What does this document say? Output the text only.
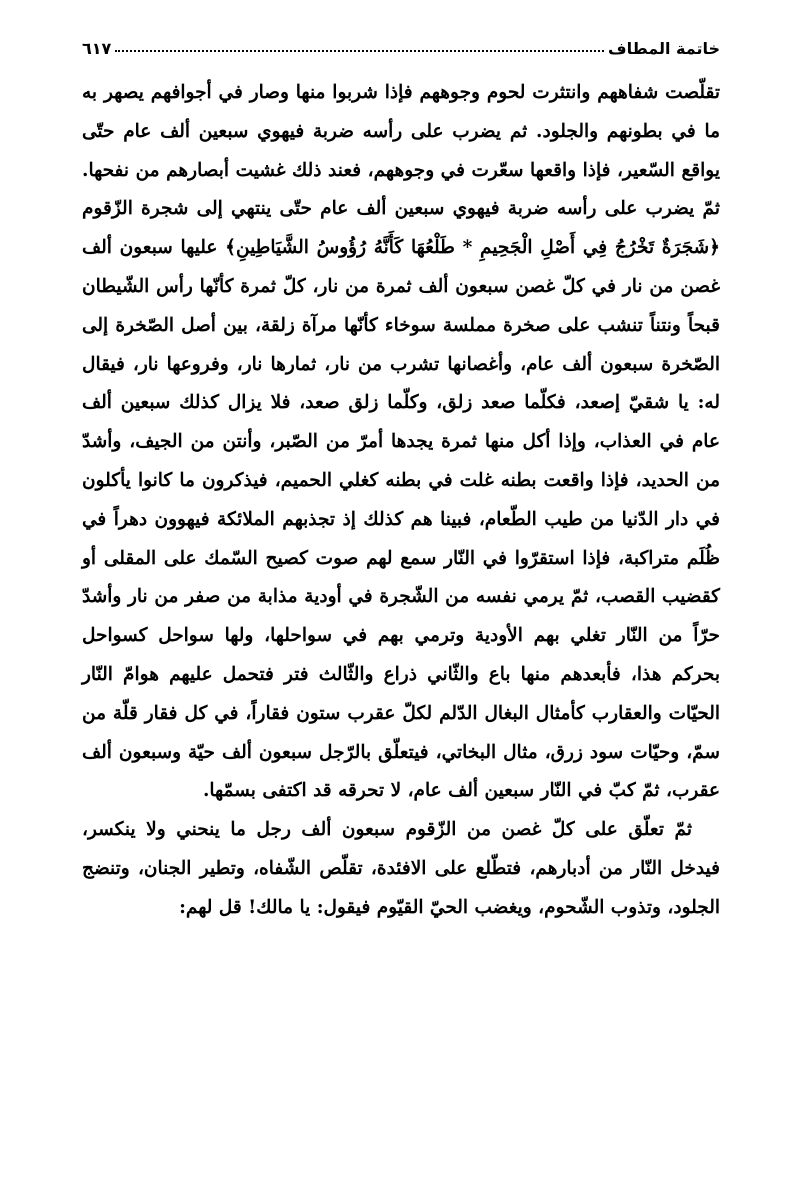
خاتمة المطاف
٦١٧

تقلّصت شفاههم وانتثرت لحوم وجوههم فإذا شربوا منها وصار في أجوافهم يصهر به ما في بطونهم والجلود. ثم يضرب على رأسه ضربة فيهوي سبعين ألف عام حتّى يواقع السّعير، فإذا واقعها سعّرت في وجوههم، فعند ذلك غشيت أبصارهم من نفحها. ثمّ يضرب على رأسه ضربة فيهوي سبعين ألف عام حتّى ينتهي إلى شجرة الزّقوم ﴿شَجَرَةٌ تَخْرُجُ فِي أَصْلِ الْجَحِيمِ * طَلْعُهَا كَأَنَّهُ رُؤُوسُ الشَّيَاطِينِ﴾ عليها سبعون ألف غصن من نار في كلّ غصن سبعون ألف ثمرة من نار، كلّ ثمرة كأنّها رأس الشّيطان قبحاً ونتناً تنشب على صخرة مملسة سوخاء كأنّها مرآة زلقة، بين أصل الصّخرة إلى الصّخرة سبعون ألف عام، وأغصانها تشرب من نار، ثمارها نار، وفروعها نار، فيقال له: يا شقيّ إصعد، فكلّما صعد زلق، وكلّما زلق صعد، فلا يزال كذلك سبعين ألف عام في العذاب، وإذا أكل منها ثمرة يجدها أمرّ من الصّبر، وأنتن من الجيف، وأشدّ من الحديد، فإذا واقعت بطنه غلت في بطنه كغلي الحميم، فيذكرون ما كانوا يأكلون في دار الدّنيا من طيب الطّعام، فبينا هم كذلك إذ تجذبهم الملائكة فيهوون دهراً في ظُلَم متراكبة، فإذا استقرّوا في النّار سمع لهم صوت كصيح السّمك على المقلى أو كقضيب القصب، ثمّ يرمي نفسه من الشّجرة في أودية مذابة من صفر من نار وأشدّ حرّاً من النّار تغلي بهم الأودية وترمي بهم في سواحلها، ولها سواحل كسواحل بحركم هذا، فأبعدهم منها باع والثّاني ذراع والثّالث فتر فتحمل عليهم هوامّ النّار الحيّات والعقارب كأمثال البغال الدّلم لكلّ عقرب ستون فقاراً، في كل فقار قلّة من سمّ، وحيّات سود زرق، مثال البخاتي، فيتعلّق بالرّجل سبعون ألف حيّة وسبعون ألف عقرب، ثمّ كبّ في النّار سبعين ألف عام، لا تحرقه قد اكتفى بسمّها.

ثمّ تعلّق على كلّ غصن من الزّقوم سبعون ألف رجل ما ينحني ولا ينكسر، فيدخل النّار من أدبارهم، فتطّلع على الافئدة، تقلّص الشّفاه، وتطير الجنان، وتنضج الجلود، وتذوب الشّحوم، ويغضب الحيّ القيّوم فيقول: يا مالك! قل لهم:
